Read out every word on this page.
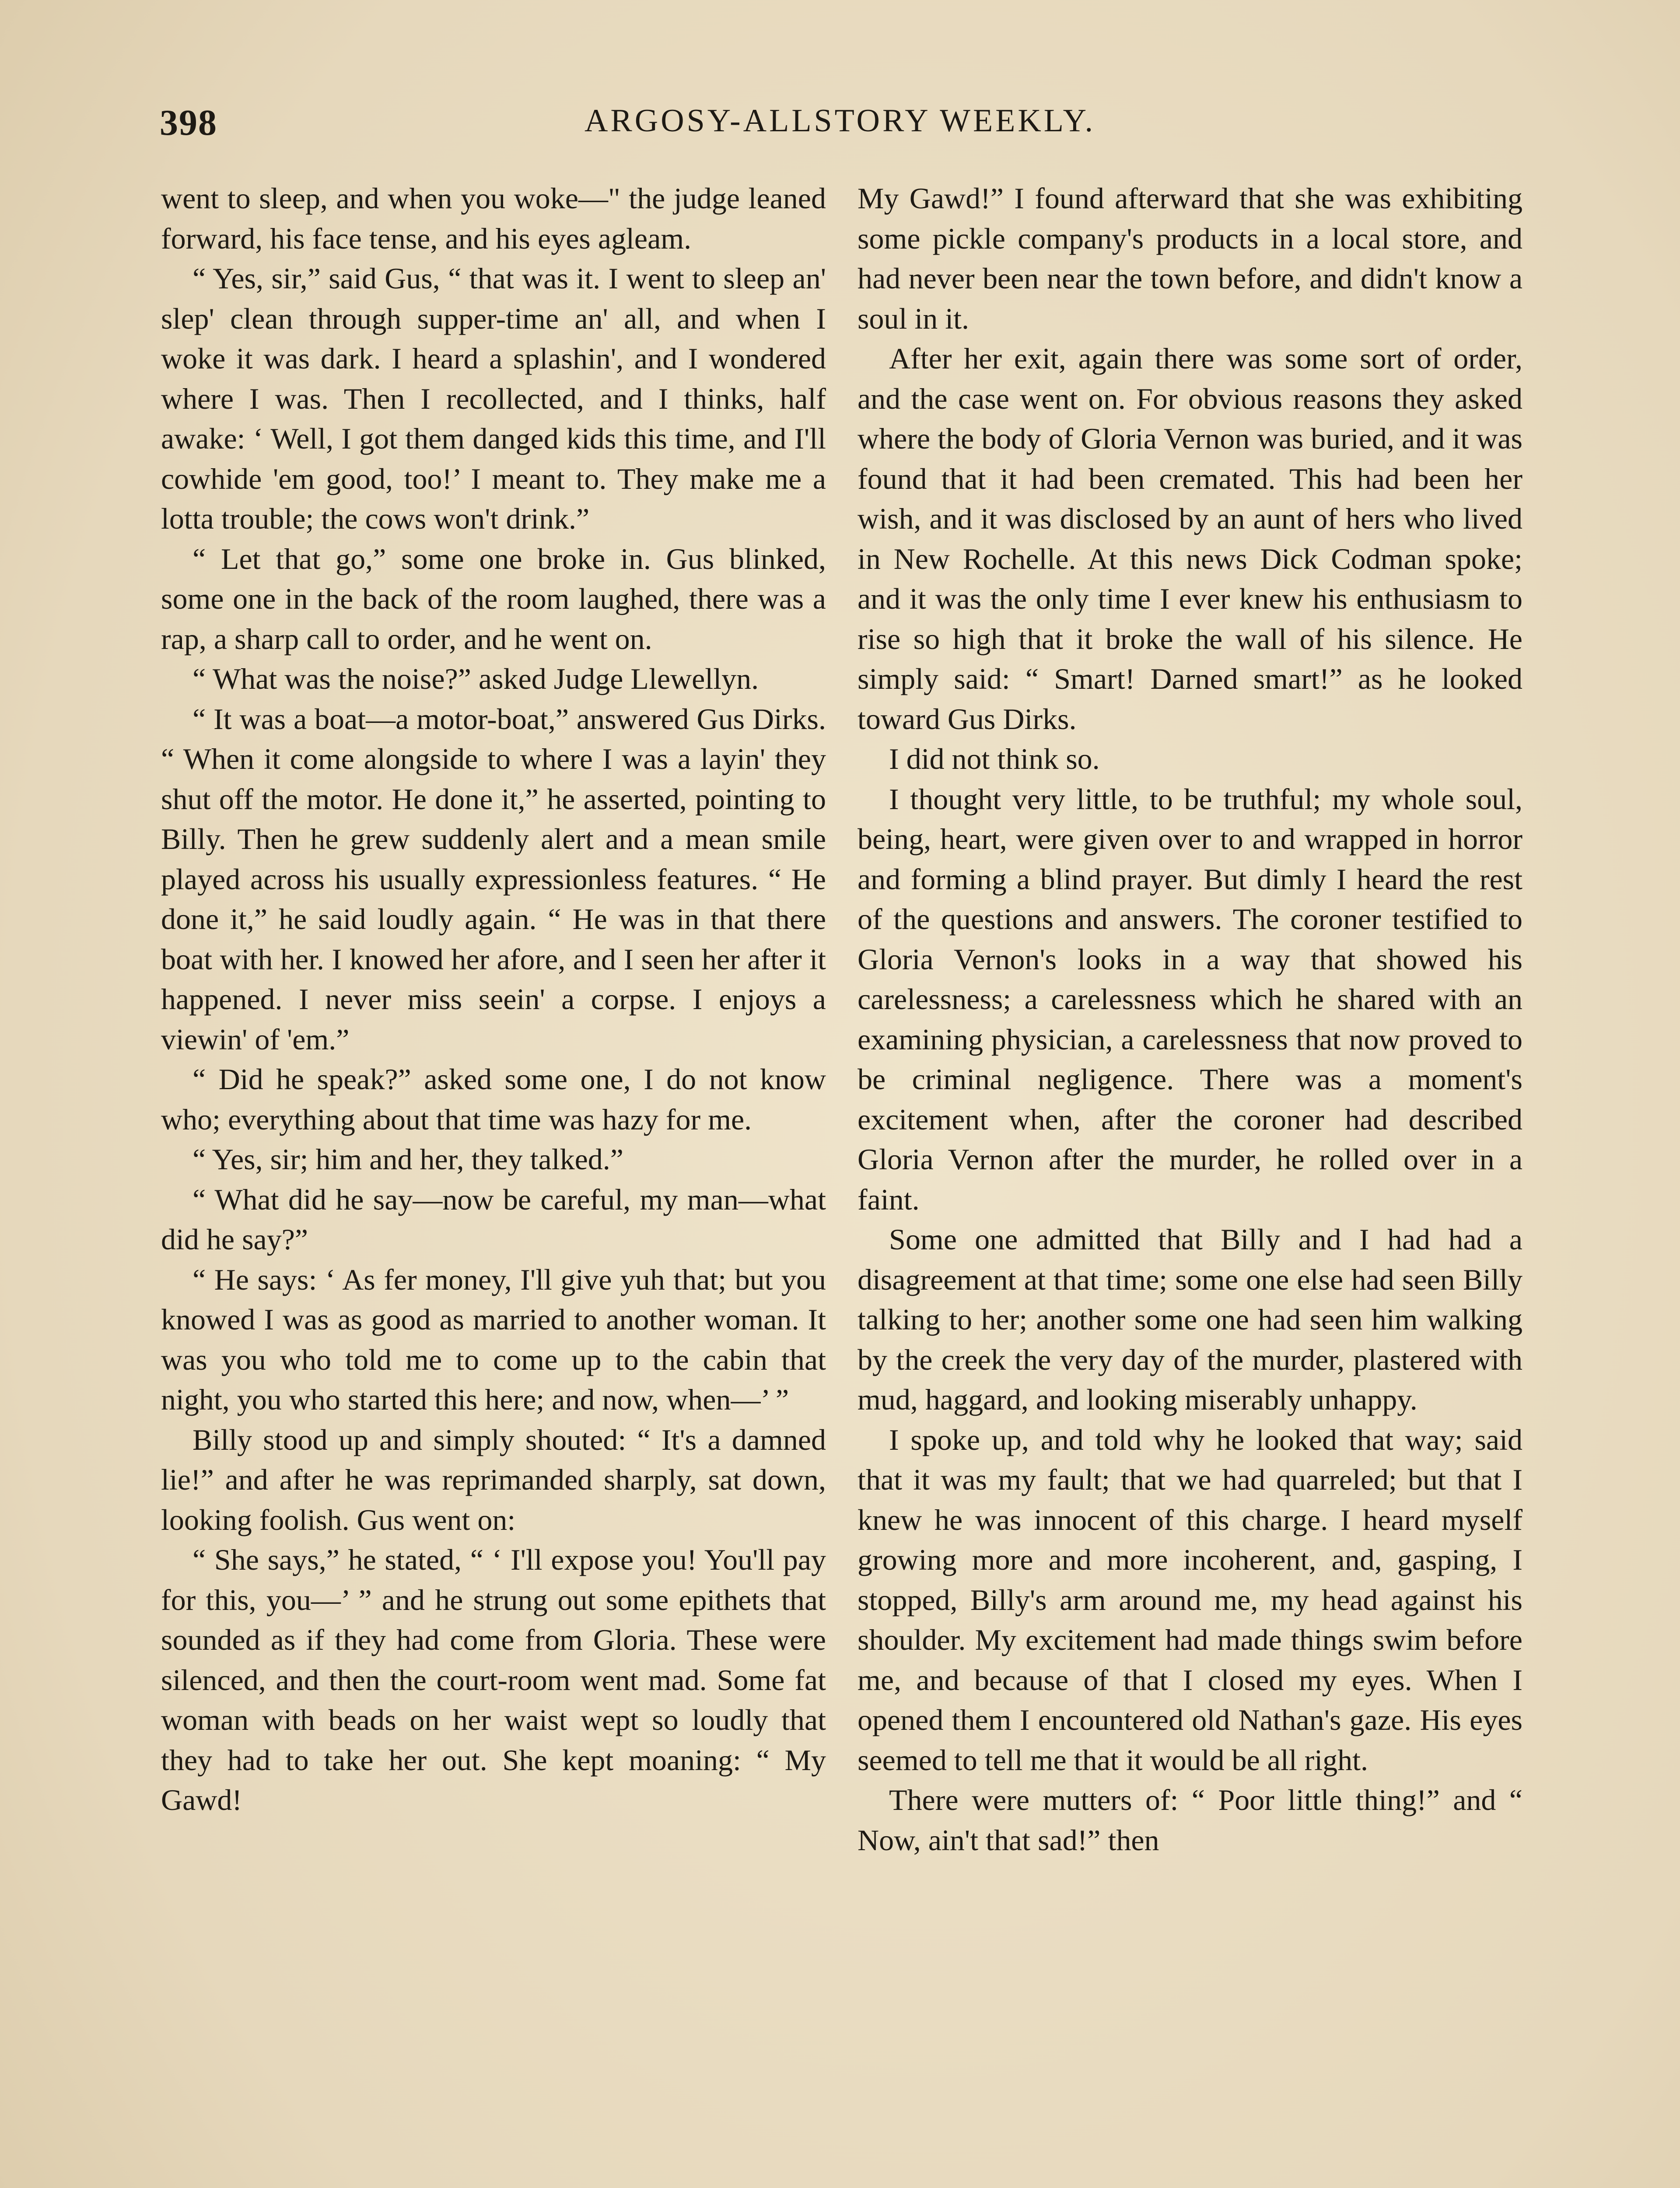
398	ARGOSY-ALLSTORY WEEKLY.

went to sleep, and when you woke—" the judge leaned forward, his face tense, and his eyes agleam.

“ Yes, sir,” said Gus, “ that was it. I went to sleep an' slep' clean through supper-time an' all, and when I woke it was dark. I heard a splashin', and I wondered where I was. Then I recollected, and I thinks, half awake: ‘ Well, I got them danged kids this time, and I'll cowhide 'em good, too!’ I meant to. They make me a lotta trouble; the cows won't drink.”

“ Let that go,” some one broke in. Gus blinked, some one in the back of the room laughed, there was a rap, a sharp call to order, and he went on.

“ What was the noise?” asked Judge Llewellyn.

“ It was a boat—a motor-boat,” answered Gus Dirks. “ When it come alongside to where I was a layin' they shut off the motor. He done it,” he asserted, pointing to Billy. Then he grew suddenly alert and a mean smile played across his usually expressionless features. “ He done it,” he said loudly again. “ He was in that there boat with her. I knowed her afore, and I seen her after it happened. I never miss seein' a corpse. I enjoys a viewin' of 'em.”

“ Did he speak?” asked some one, I do not know who; everything about that time was hazy for me.

“ Yes, sir; him and her, they talked.”

“ What did he say—now be careful, my man—what did he say?”

“ He says: ‘ As fer money, I'll give yuh that; but you knowed I was as good as married to another woman. It was you who told me to come up to the cabin that night, you who started this here; and now, when—’ ”

Billy stood up and simply shouted: “ It's a damned lie!” and after he was reprimanded sharply, sat down, looking foolish. Gus went on:

“ She says,” he stated, “ ‘ I'll expose you! You'll pay for this, you—’ ” and he strung out some epithets that sounded as if they had come from Gloria. These were silenced, and then the court-room went mad. Some fat woman with beads on her waist wept so loudly that they had to take her out. She kept moaning: “ My Gawd!

My Gawd!” I found afterward that she was exhibiting some pickle company's products in a local store, and had never been near the town before, and didn't know a soul in it.

After her exit, again there was some sort of order, and the case went on. For obvious reasons they asked where the body of Gloria Vernon was buried, and it was found that it had been cremated. This had been her wish, and it was disclosed by an aunt of hers who lived in New Rochelle. At this news Dick Codman spoke; and it was the only time I ever knew his enthusiasm to rise so high that it broke the wall of his silence. He simply said: “ Smart! Darned smart!” as he looked toward Gus Dirks.

I did not think so.

I thought very little, to be truthful; my whole soul, being, heart, were given over to and wrapped in horror and forming a blind prayer. But dimly I heard the rest of the questions and answers. The coroner testified to Gloria Vernon's looks in a way that showed his carelessness; a carelessness which he shared with an examining physician, a carelessness that now proved to be criminal negligence. There was a moment's excitement when, after the coroner had described Gloria Vernon after the murder, he rolled over in a faint.

Some one admitted that Billy and I had had a disagreement at that time; some one else had seen Billy talking to her; another some one had seen him walking by the creek the very day of the murder, plastered with mud, haggard, and looking miserably unhappy.

I spoke up, and told why he looked that way; said that it was my fault; that we had quarreled; but that I knew he was innocent of this charge. I heard myself growing more and more incoherent, and, gasping, I stopped, Billy's arm around me, my head against his shoulder. My excitement had made things swim before me, and because of that I closed my eyes. When I opened them I encountered old Nathan's gaze. His eyes seemed to tell me that it would be all right.

There were mutters of: “ Poor little thing!” and “ Now, ain't that sad!” then
